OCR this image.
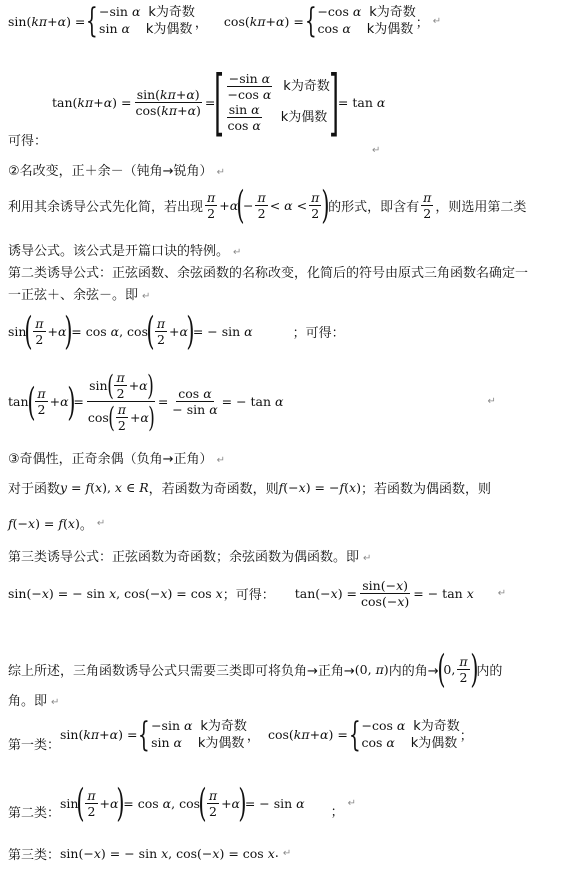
sin(kπ+α) = { −sin α k为奇数
sin α k为偶数 ， cos(kπ+α) = { −cos α k为奇数
cos α k为偶数 ； ↵
$\tan(k\pi+\alpha) = \frac{\sin(k\pi+\alpha)}{\cos(k\pi+\alpha)}$ = [ $\frac{\text{−sin α}}{\text{−cos α}}$
k为奇数
$\frac{\text{sin α}}{\text{cos α}}$
k为偶数 ] = tan α
可得：
↵
②名改变，正＋余－（钝角→锐角） ↵
利用其余诱导公式先化简，若出现 $\frac{\pi}{2} +\alpha$
(
− $\frac{\pi}{2} < \alpha < \frac{\pi}{2}$ )
的形式，即含有 $\frac{\pi}{2}$ ，则选用第二类
诱导公式。该公式是开篇口诀的特例。 ↵
第二类诱导公式：正弦函数、余弦函数的名称改变，化简后的符号由原式三角函数名确定一
一正弦＋、余弦－。即 ↵
sin
( $\frac{\pi}{2} +\alpha$
)
= cos α, cos
( $\frac{\pi}{2} +\alpha$
)
= − sin α	；可得：
tan
( $\frac{\pi}{2} +\alpha$
)
= $\frac{\sin ( \frac{\pi}{2} + \alpha )}{\cos ( \frac{\pi}{2} + \alpha )} = \frac{\text{cos α}}{\text{− sin α}}$ = − tan α	↵
③奇偶性，正奇余偶（负角→正角） ↵
对于函数 y = f(x), x ∈ R ，若函数为奇函数，则 f(−x) = −f(x) ；若函数为偶函数，则
f(−x) = f(x) 。 ↵
第三类诱导公式：正弦函数为奇函数；余弦函数为偶函数。即 ↵
sin(−x) = − sin x, cos(−x) = cos x ；可得： $\tan(-x) = \frac{\sin(-x)}{\cos(-x)}$ = − tan x ↵
综上所述，三角函数诱导公式只需要三类即可将负角→正角→ (0, π) 内的角→
(
0, $\frac{\pi}{2}$ )
内的
角。即 ↵
第一类：
sin(kπ+α) = { −sin α k为奇数
sin α k为偶数 ， cos(kπ+α) = { −cos α k为奇数
cos α k为偶数 ；
第二类：
sin
( $\frac{\pi}{2} +\alpha$
)
= cos α, cos
( $\frac{\pi}{2} +\alpha$
)
= − sin α
；
↵
第三类： sin(−x) = − sin x, cos(−x) = cos x . ↵
